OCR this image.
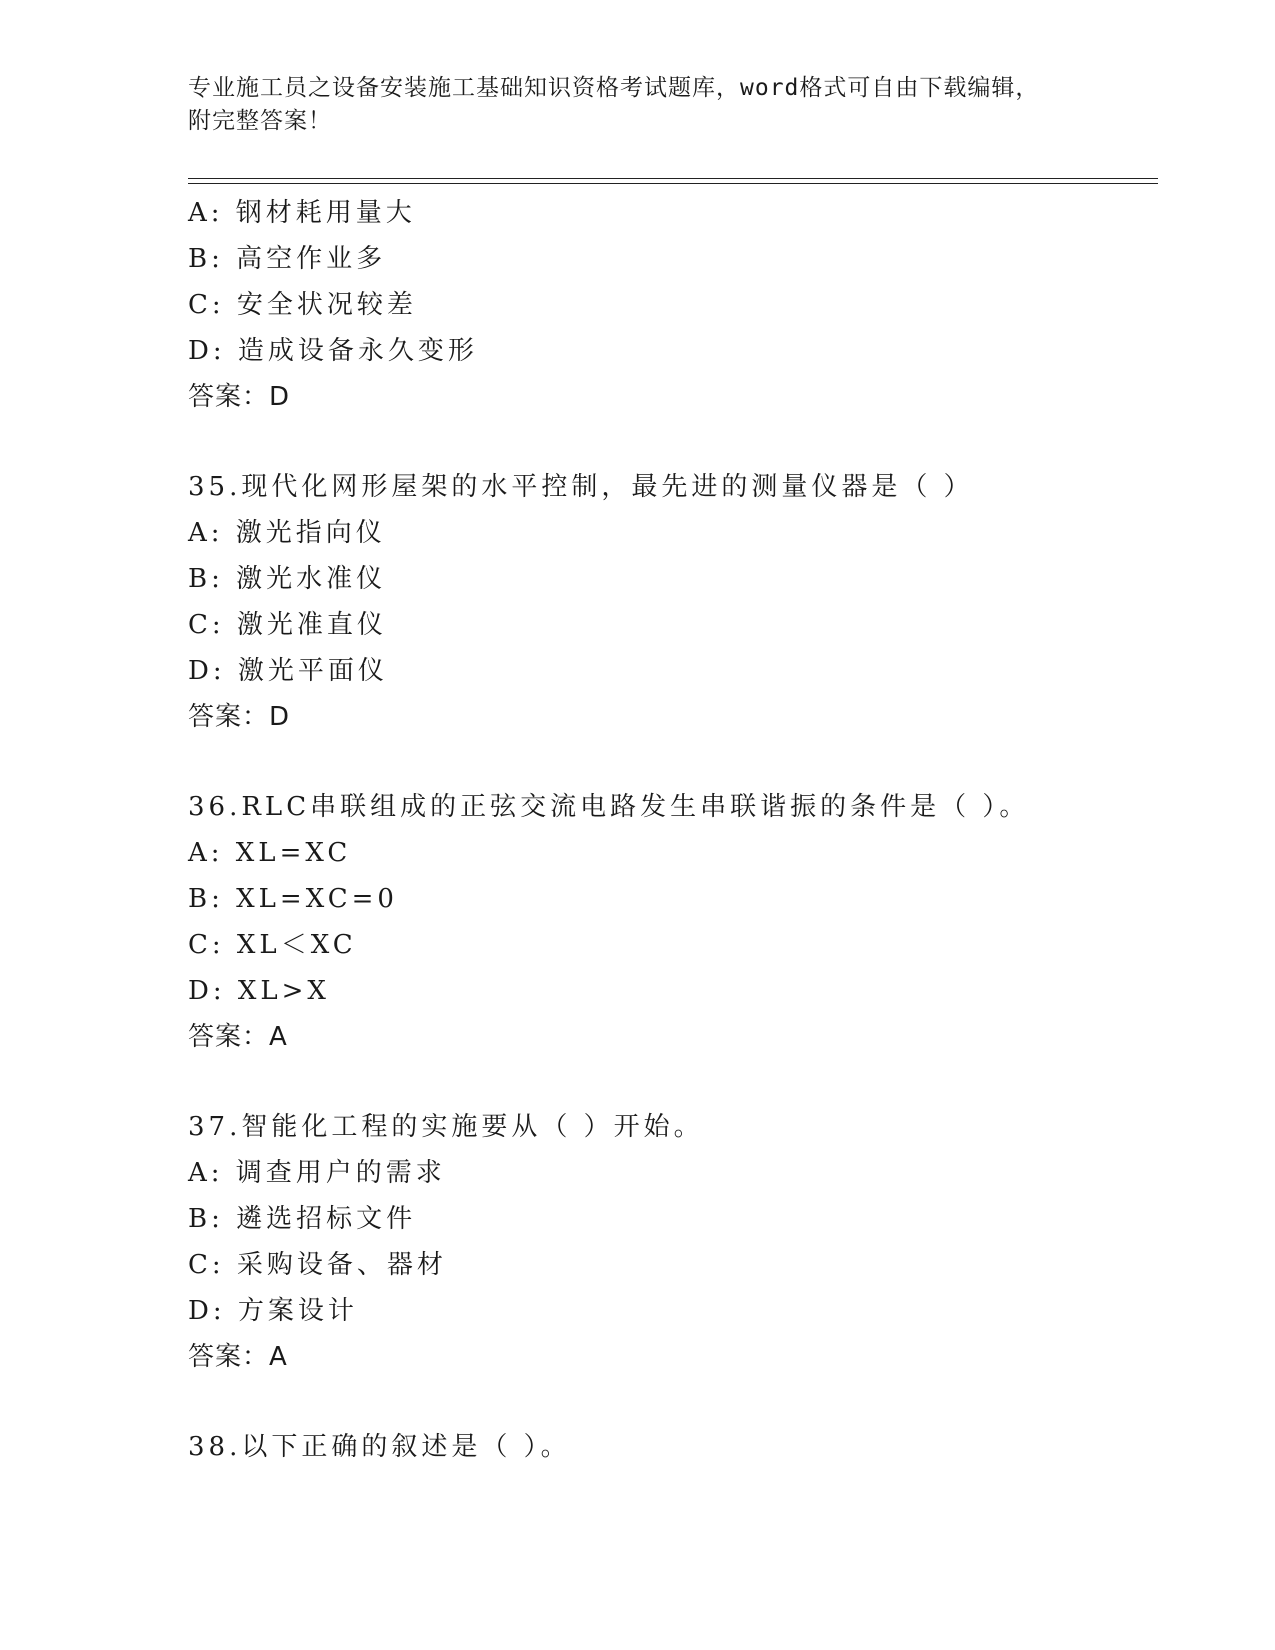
专业施工员之设备安装施工基础知识资格考试题库，word格式可自由下载编辑，
附完整答案！
A: 钢材耗用量大
B: 高空作业多
C: 安全状况较差
D: 造成设备永久变形
答案：D
35.现代化网形屋架的水平控制，最先进的测量仪器是（ ）
A: 激光指向仪
B: 激光水准仪
C: 激光准直仪
D: 激光平面仪
答案：D
36.RLC串联组成的正弦交流电路发生串联谐振的条件是（ ）。
A: XL=XC
B: XL=XC=0
C: XL＜XC
D: XL>X
答案：A
37.智能化工程的实施要从（ ）开始。
A: 调查用户的需求
B: 遴选招标文件
C: 采购设备、器材
D: 方案设计
答案：A
38.以下正确的叙述是（ ）。
